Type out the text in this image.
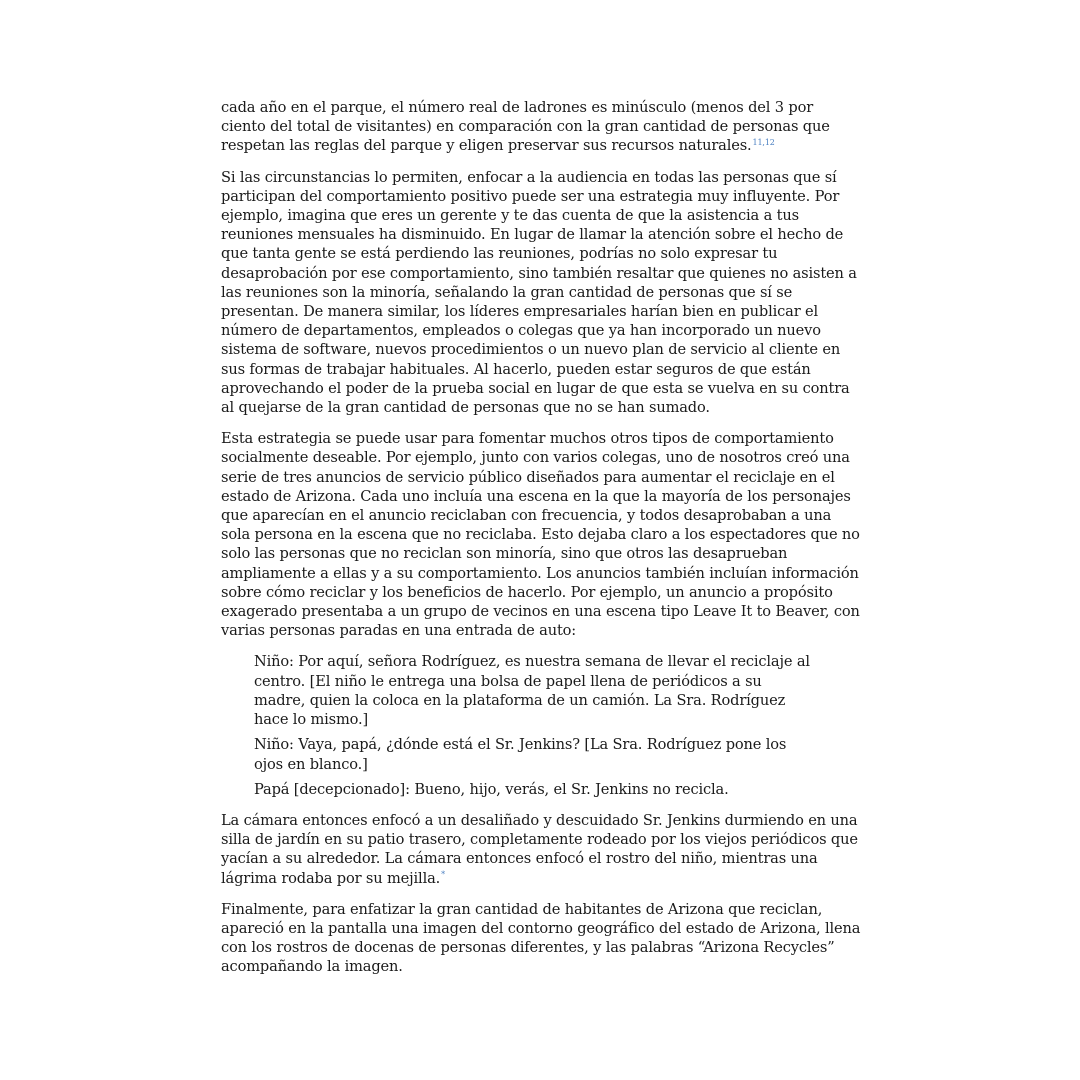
cada año en el parque, el número real de ladrones es minúsculo (menos del 3 por ciento del total de visitantes) en comparación con la gran cantidad de personas que respetan las reglas del parque y eligen preservar sus recursos naturales.$^{11,12}$

Si las circunstancias lo permiten, enfocar a la audiencia en todas las personas que sí participan del comportamiento positivo puede ser una estrategia muy influyente. Por ejemplo, imagina que eres un gerente y te das cuenta de que la asistencia a tus reuniones mensuales ha disminuido. En lugar de llamar la atención sobre el hecho de que tanta gente se está perdiendo las reuniones, podrías no solo expresar tu desaprobación por ese comportamiento, sino también resaltar que quienes no asisten a las reuniones son la minoría, señalando la gran cantidad de personas que sí se presentan. De manera similar, los líderes empresariales harían bien en publicar el número de departamentos, empleados o colegas que ya han incorporado un nuevo sistema de software, nuevos procedimientos o un nuevo plan de servicio al cliente en sus formas de trabajar habituales. Al hacerlo, pueden estar seguros de que están aprovechando el poder de la prueba social en lugar de que esta se vuelva en su contra al quejarse de la gran cantidad de personas que no se han sumado.

Esta estrategia se puede usar para fomentar muchos otros tipos de comportamiento socialmente deseable. Por ejemplo, junto con varios colegas, uno de nosotros creó una serie de tres anuncios de servicio público diseñados para aumentar el reciclaje en el estado de Arizona. Cada uno incluía una escena en la que la mayoría de los personajes que aparecían en el anuncio reciclaban con frecuencia, y todos desaprobaban a una sola persona en la escena que no reciclaba. Esto dejaba claro a los espectadores que no solo las personas que no reciclan son minoría, sino que otros las desaprueban ampliamente a ellas y a su comportamiento. Los anuncios también incluían información sobre cómo reciclar y los beneficios de hacerlo. Por ejemplo, un anuncio a propósito exagerado presentaba a un grupo de vecinos en una escena tipo Leave It to Beaver, con varias personas paradas en una entrada de auto:

Niño: Por aquí, señora Rodríguez, es nuestra semana de llevar el reciclaje al centro. [El niño le entrega una bolsa de papel llena de periódicos a su madre, quien la coloca en la plataforma de un camión. La Sra. Rodríguez hace lo mismo.]

Niño: Vaya, papá, ¿dónde está el Sr. Jenkins? [La Sra. Rodríguez pone los ojos en blanco.]

Papá [decepcionado]: Bueno, hijo, verás, el Sr. Jenkins no recicla.

La cámara entonces enfocó a un desaliñado y descuidado Sr. Jenkins durmiendo en una silla de jardín en su patio trasero, completamente rodeado por los viejos periódicos que yacían a su alrededor. La cámara entonces enfocó el rostro del niño, mientras una lágrima rodaba por su mejilla.*

Finalmente, para enfatizar la gran cantidad de habitantes de Arizona que reciclan, apareció en la pantalla una imagen del contorno geográfico del estado de Arizona, llena con los rostros de docenas de personas diferentes, y las palabras “Arizona Recycles” acompañando la imagen.
